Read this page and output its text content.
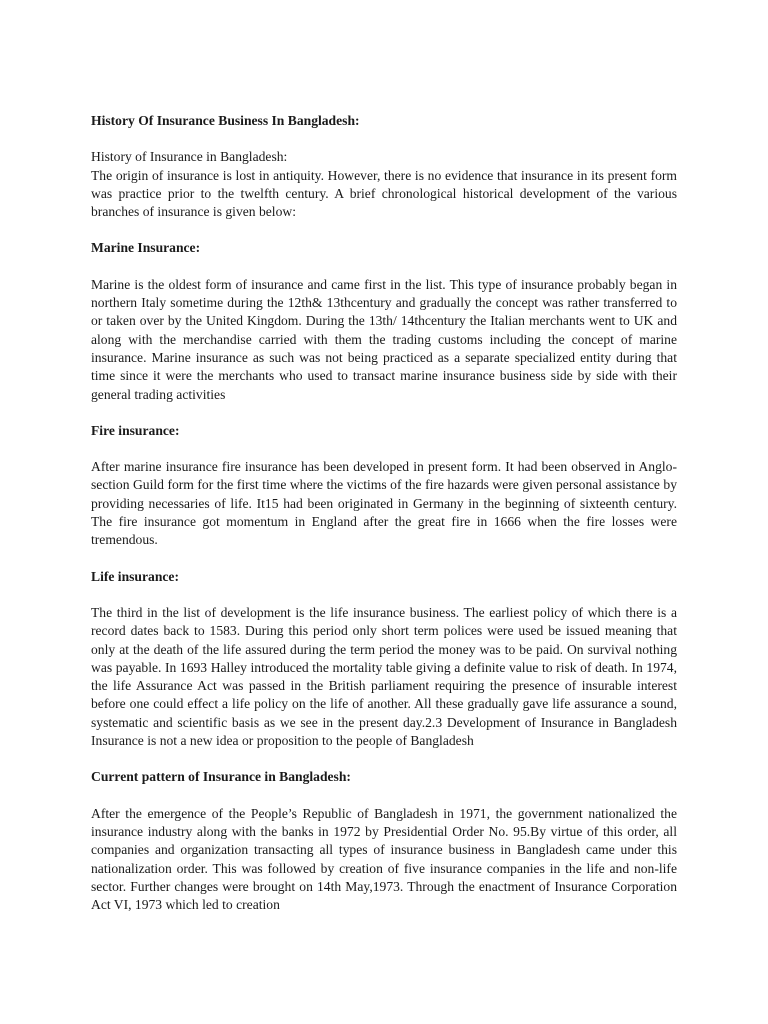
History Of Insurance Business In Bangladesh:

History of Insurance in Bangladesh:

The origin of insurance is lost in antiquity. However, there is no evidence that insurance in its present form was practice prior to the twelfth century. A brief chronological historical development of the various branches of insurance is given below:

Marine Insurance:

Marine is the oldest form of insurance and came first in the list. This type of insurance probably began in northern Italy sometime during the 12th& 13thcentury and gradually the concept was rather transferred to or taken over by the United Kingdom. During the 13th/ 14thcentury the Italian merchants went to UK and along with the merchandise carried with them the trading customs including the concept of marine insurance. Marine insurance as such was not being practiced as a separate specialized entity during that time since it were the merchants who used to transact marine insurance business side by side with their general trading activities

Fire insurance:

After marine insurance fire insurance has been developed in present form. It had been observed in Anglo-section Guild form for the first time where the victims of the fire hazards were given personal assistance by providing necessaries of life. It15 had been originated in Germany in the beginning of sixteenth century. The fire insurance got momentum in England after the great fire in 1666 when the fire losses were tremendous.

Life insurance:

The third in the list of development is the life insurance business. The earliest policy of which there is a record dates back to 1583. During this period only short term polices were used be issued meaning that only at the death of the life assured during the term period the money was to be paid. On survival nothing was payable. In 1693 Halley introduced the mortality table giving a definite value to risk of death. In 1974, the life Assurance Act was passed in the British parliament requiring the presence of insurable interest before one could effect a life policy on the life of another. All these gradually gave life assurance a sound, systematic and scientific basis as we see in the present day.2.3 Development of Insurance in Bangladesh Insurance is not a new idea or proposition to the people of Bangladesh

Current pattern of Insurance in Bangladesh:

After the emergence of the People’s Republic of Bangladesh in 1971, the government nationalized the insurance industry along with the banks in 1972 by Presidential Order No. 95.By virtue of this order, all companies and organization transacting all types of insurance business in Bangladesh came under this nationalization order. This was followed by creation of five insurance companies in the life and non-life sector. Further changes were brought on 14th May,1973. Through the enactment of Insurance Corporation Act VI, 1973 which led to creation
